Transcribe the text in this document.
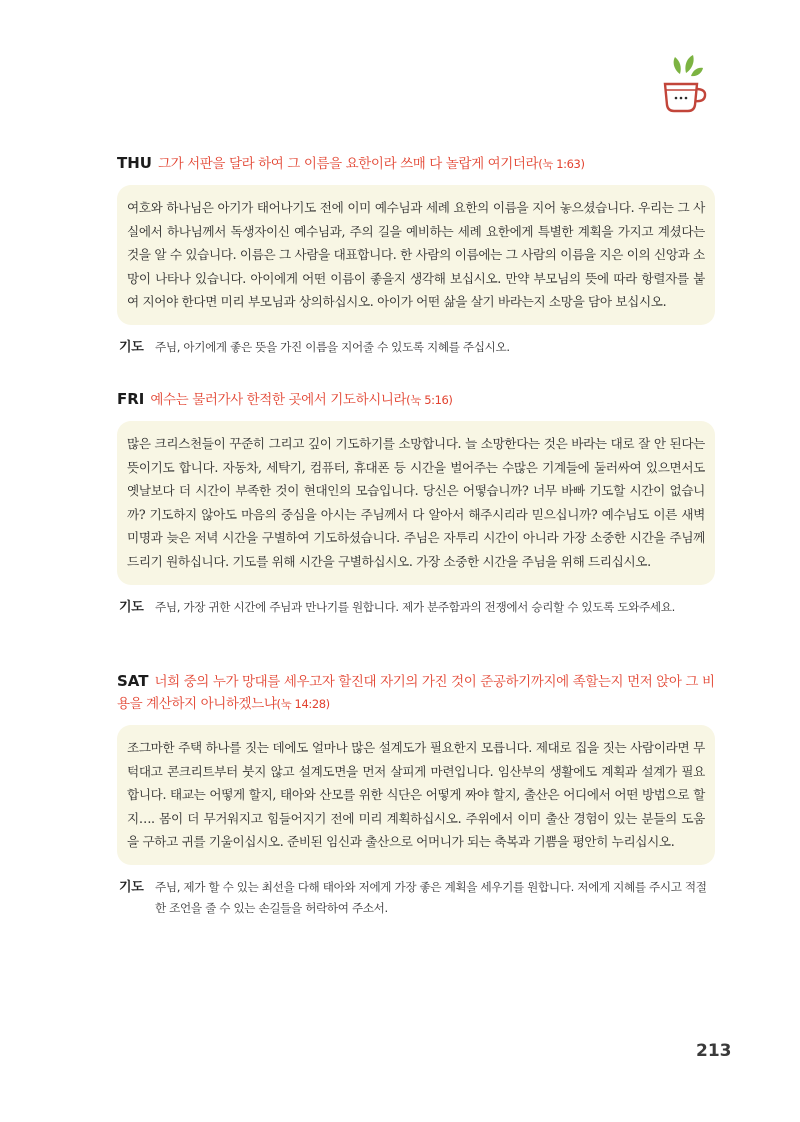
THU 그가 서판을 달라 하여 그 이름을 요한이라 쓰매 다 놀랍게 여기더라(눅 1:63)
여호와 하나님은 아기가 태어나기도 전에 이미 예수님과 세례 요한의 이름을 지어 놓으셨습니다. 우리는 그 사실에서 하나님께서 독생자이신 예수님과, 주의 길을 예비하는 세례 요한에게 특별한 계획을 가지고 계셨다는 것을 알 수 있습니다. 이름은 그 사람을 대표합니다. 한 사람의 이름에는 그 사람의 이름을 지은 이의 신앙과 소망이 나타나 있습니다. 아이에게 어떤 이름이 좋을지 생각해 보십시오. 만약 부모님의 뜻에 따라 항렬자를 붙여 지어야 한다면 미리 부모님과 상의하십시오. 아이가 어떤 삶을 살기 바라는지 소망을 담아 보십시오.
기도 주님, 아기에게 좋은 뜻을 가진 이름을 지어줄 수 있도록 지혜를 주십시오.
FRI 예수는 물러가사 한적한 곳에서 기도하시니라(눅 5:16)
많은 크리스천들이 꾸준히 그리고 깊이 기도하기를 소망합니다. 늘 소망한다는 것은 바라는 대로 잘 안 된다는 뜻이기도 합니다. 자동차, 세탁기, 컴퓨터, 휴대폰 등 시간을 벌어주는 수많은 기계들에 둘러싸여 있으면서도 옛날보다 더 시간이 부족한 것이 현대인의 모습입니다. 당신은 어떻습니까? 너무 바빠 기도할 시간이 없습니까? 기도하지 않아도 마음의 중심을 아시는 주님께서 다 알아서 해주시리라 믿으십니까? 예수님도 이른 새벽 미명과 늦은 저녁 시간을 구별하여 기도하셨습니다. 주님은 자투리 시간이 아니라 가장 소중한 시간을 주님께 드리기 원하십니다. 기도를 위해 시간을 구별하십시오. 가장 소중한 시간을 주님을 위해 드리십시오.
기도 주님, 가장 귀한 시간에 주님과 만나기를 원합니다. 제가 분주함과의 전쟁에서 승리할 수 있도록 도와주세요.
SAT 너희 중의 누가 망대를 세우고자 할진대 자기의 가진 것이 준공하기까지에 족할는지 먼저 앉아 그 비용을 계산하지 아니하겠느냐(눅 14:28)
조그마한 주택 하나를 짓는 데에도 얼마나 많은 설계도가 필요한지 모릅니다. 제대로 집을 짓는 사람이라면 무턱대고 콘크리트부터 붓지 않고 설계도면을 먼저 살피게 마련입니다. 임산부의 생활에도 계획과 설계가 필요합니다. 태교는 어떻게 할지, 태아와 산모를 위한 식단은 어떻게 짜야 할지, 출산은 어디에서 어떤 방법으로 할지…. 몸이 더 무거워지고 힘들어지기 전에 미리 계획하십시오. 주위에서 이미 출산 경험이 있는 분들의 도움을 구하고 귀를 기울이십시오. 준비된 임신과 출산으로 어머니가 되는 축복과 기쁨을 평안히 누리십시오.
기도 주님, 제가 할 수 있는 최선을 다해 태아와 저에게 가장 좋은 계획을 세우기를 원합니다. 저에게 지혜를 주시고 적절한 조언을 줄 수 있는 손길들을 허락하여 주소서.
213
